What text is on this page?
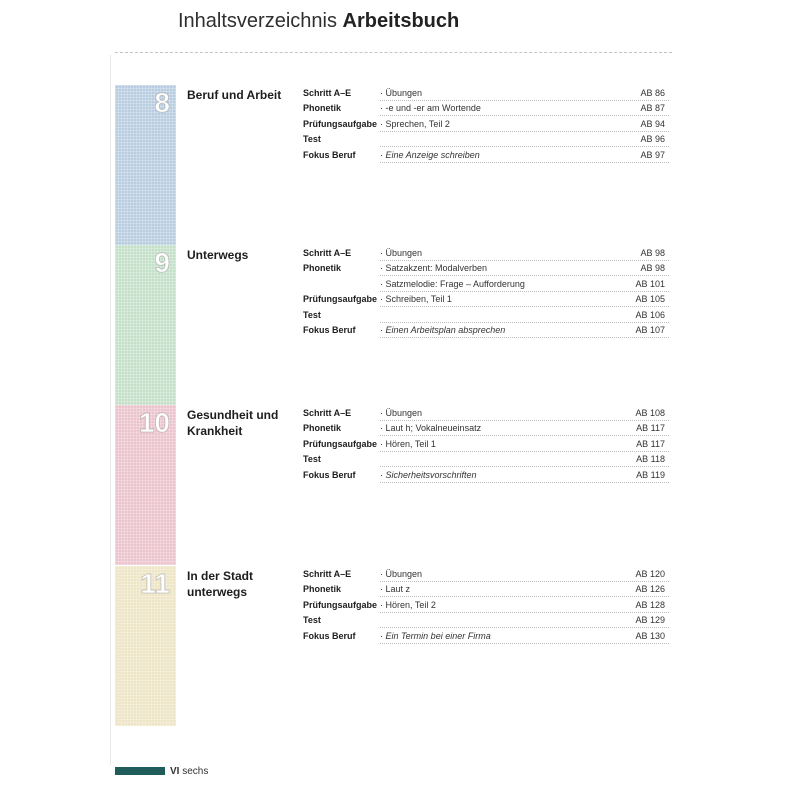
Inhaltsverzeichnis Arbeitsbuch
8 Beruf und Arbeit	Schritt A–E	· Übungen	AB 86
Phonetik	· -e und -er am Wortende	AB 87
Prüfungsaufgabe · Sprechen, Teil 2	AB 94
Test	AB 96
Fokus Beruf	· Eine Anzeige schreiben	AB 97
9 Unterwegs	Schritt A–E	· Übungen	AB 98
Phonetik	· Satzakzent: Modalverben	AB 98
· Satzmelodie: Frage – Aufforderung	AB 101
Prüfungsaufgabe · Schreiben, Teil 1	AB 105
Test	AB 106
Fokus Beruf	· Einen Arbeitsplan absprechen	AB 107
10 Gesundheit und Krankheit
Schritt A–E	· Übungen	AB 108
Phonetik	· Laut h; Vokalneueinsatz	AB 117
Prüfungsaufgabe · Hören, Teil 1	AB 117
Test	AB 118
Fokus Beruf	· Sicherheitsvorschriften	AB 119
11 In der Stadt unterwegs
Schritt A–E	· Übungen	AB 120
Phonetik	· Laut z	AB 126
Prüfungsaufgabe · Hören, Teil 2	AB 128
Test	AB 129
Fokus Beruf	· Ein Termin bei einer Firma	AB 130
VI sechs
